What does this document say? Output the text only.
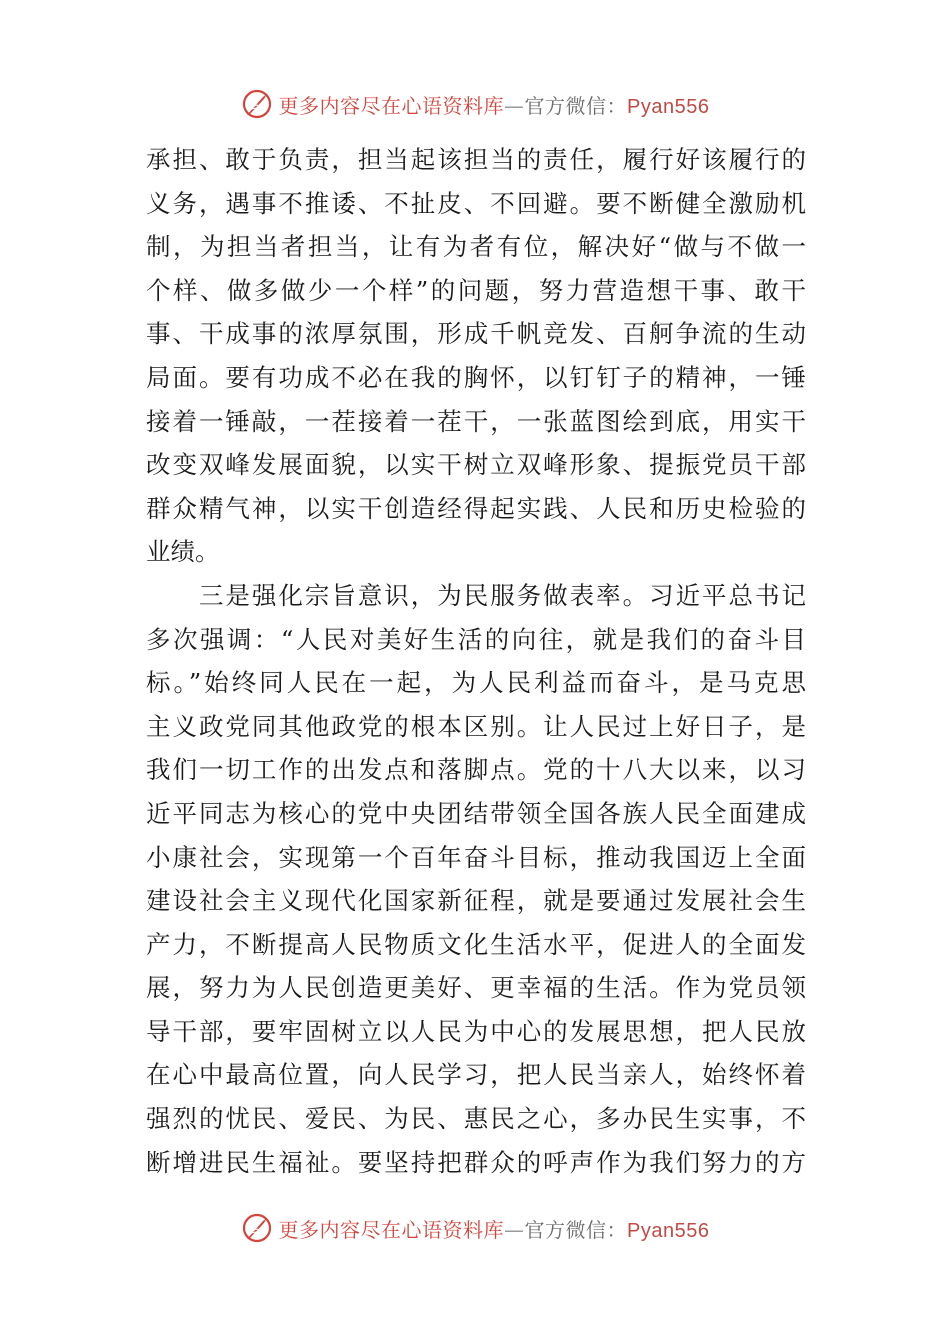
更多内容尽在心语资料库—官方微信：Pyan556
承担、敢于负责，担当起该担当的责任，履行好该履行的
义务，遇事不推诿、不扯皮、不回避。要不断健全激励机
制，为担当者担当，让有为者有位，解决好“做与不做一
个样、做多做少一个样”的问题，努力营造想干事、敢干
事、干成事的浓厚氛围，形成千帆竞发、百舸争流的生动
局面。要有功成不必在我的胸怀，以钉钉子的精神，一锤
接着一锤敲，一茬接着一茬干，一张蓝图绘到底，用实干
改变双峰发展面貌，以实干树立双峰形象、提振党员干部
群众精气神，以实干创造经得起实践、人民和历史检验的
业绩。
　　三是强化宗旨意识，为民服务做表率。习近平总书记
多次强调：“人民对美好生活的向往，就是我们的奋斗目
标。”始终同人民在一起，为人民利益而奋斗，是马克思
主义政党同其他政党的根本区别。让人民过上好日子，是
我们一切工作的出发点和落脚点。党的十八大以来，以习
近平同志为核心的党中央团结带领全国各族人民全面建成
小康社会，实现第一个百年奋斗目标，推动我国迈上全面
建设社会主义现代化国家新征程，就是要通过发展社会生
产力，不断提高人民物质文化生活水平，促进人的全面发
展，努力为人民创造更美好、更幸福的生活。作为党员领
导干部，要牢固树立以人民为中心的发展思想，把人民放
在心中最高位置，向人民学习，把人民当亲人，始终怀着
强烈的忧民、爱民、为民、惠民之心，多办民生实事，不
断增进民生福祉。要坚持把群众的呼声作为我们努力的方
更多内容尽在心语资料库—官方微信：Pyan556
